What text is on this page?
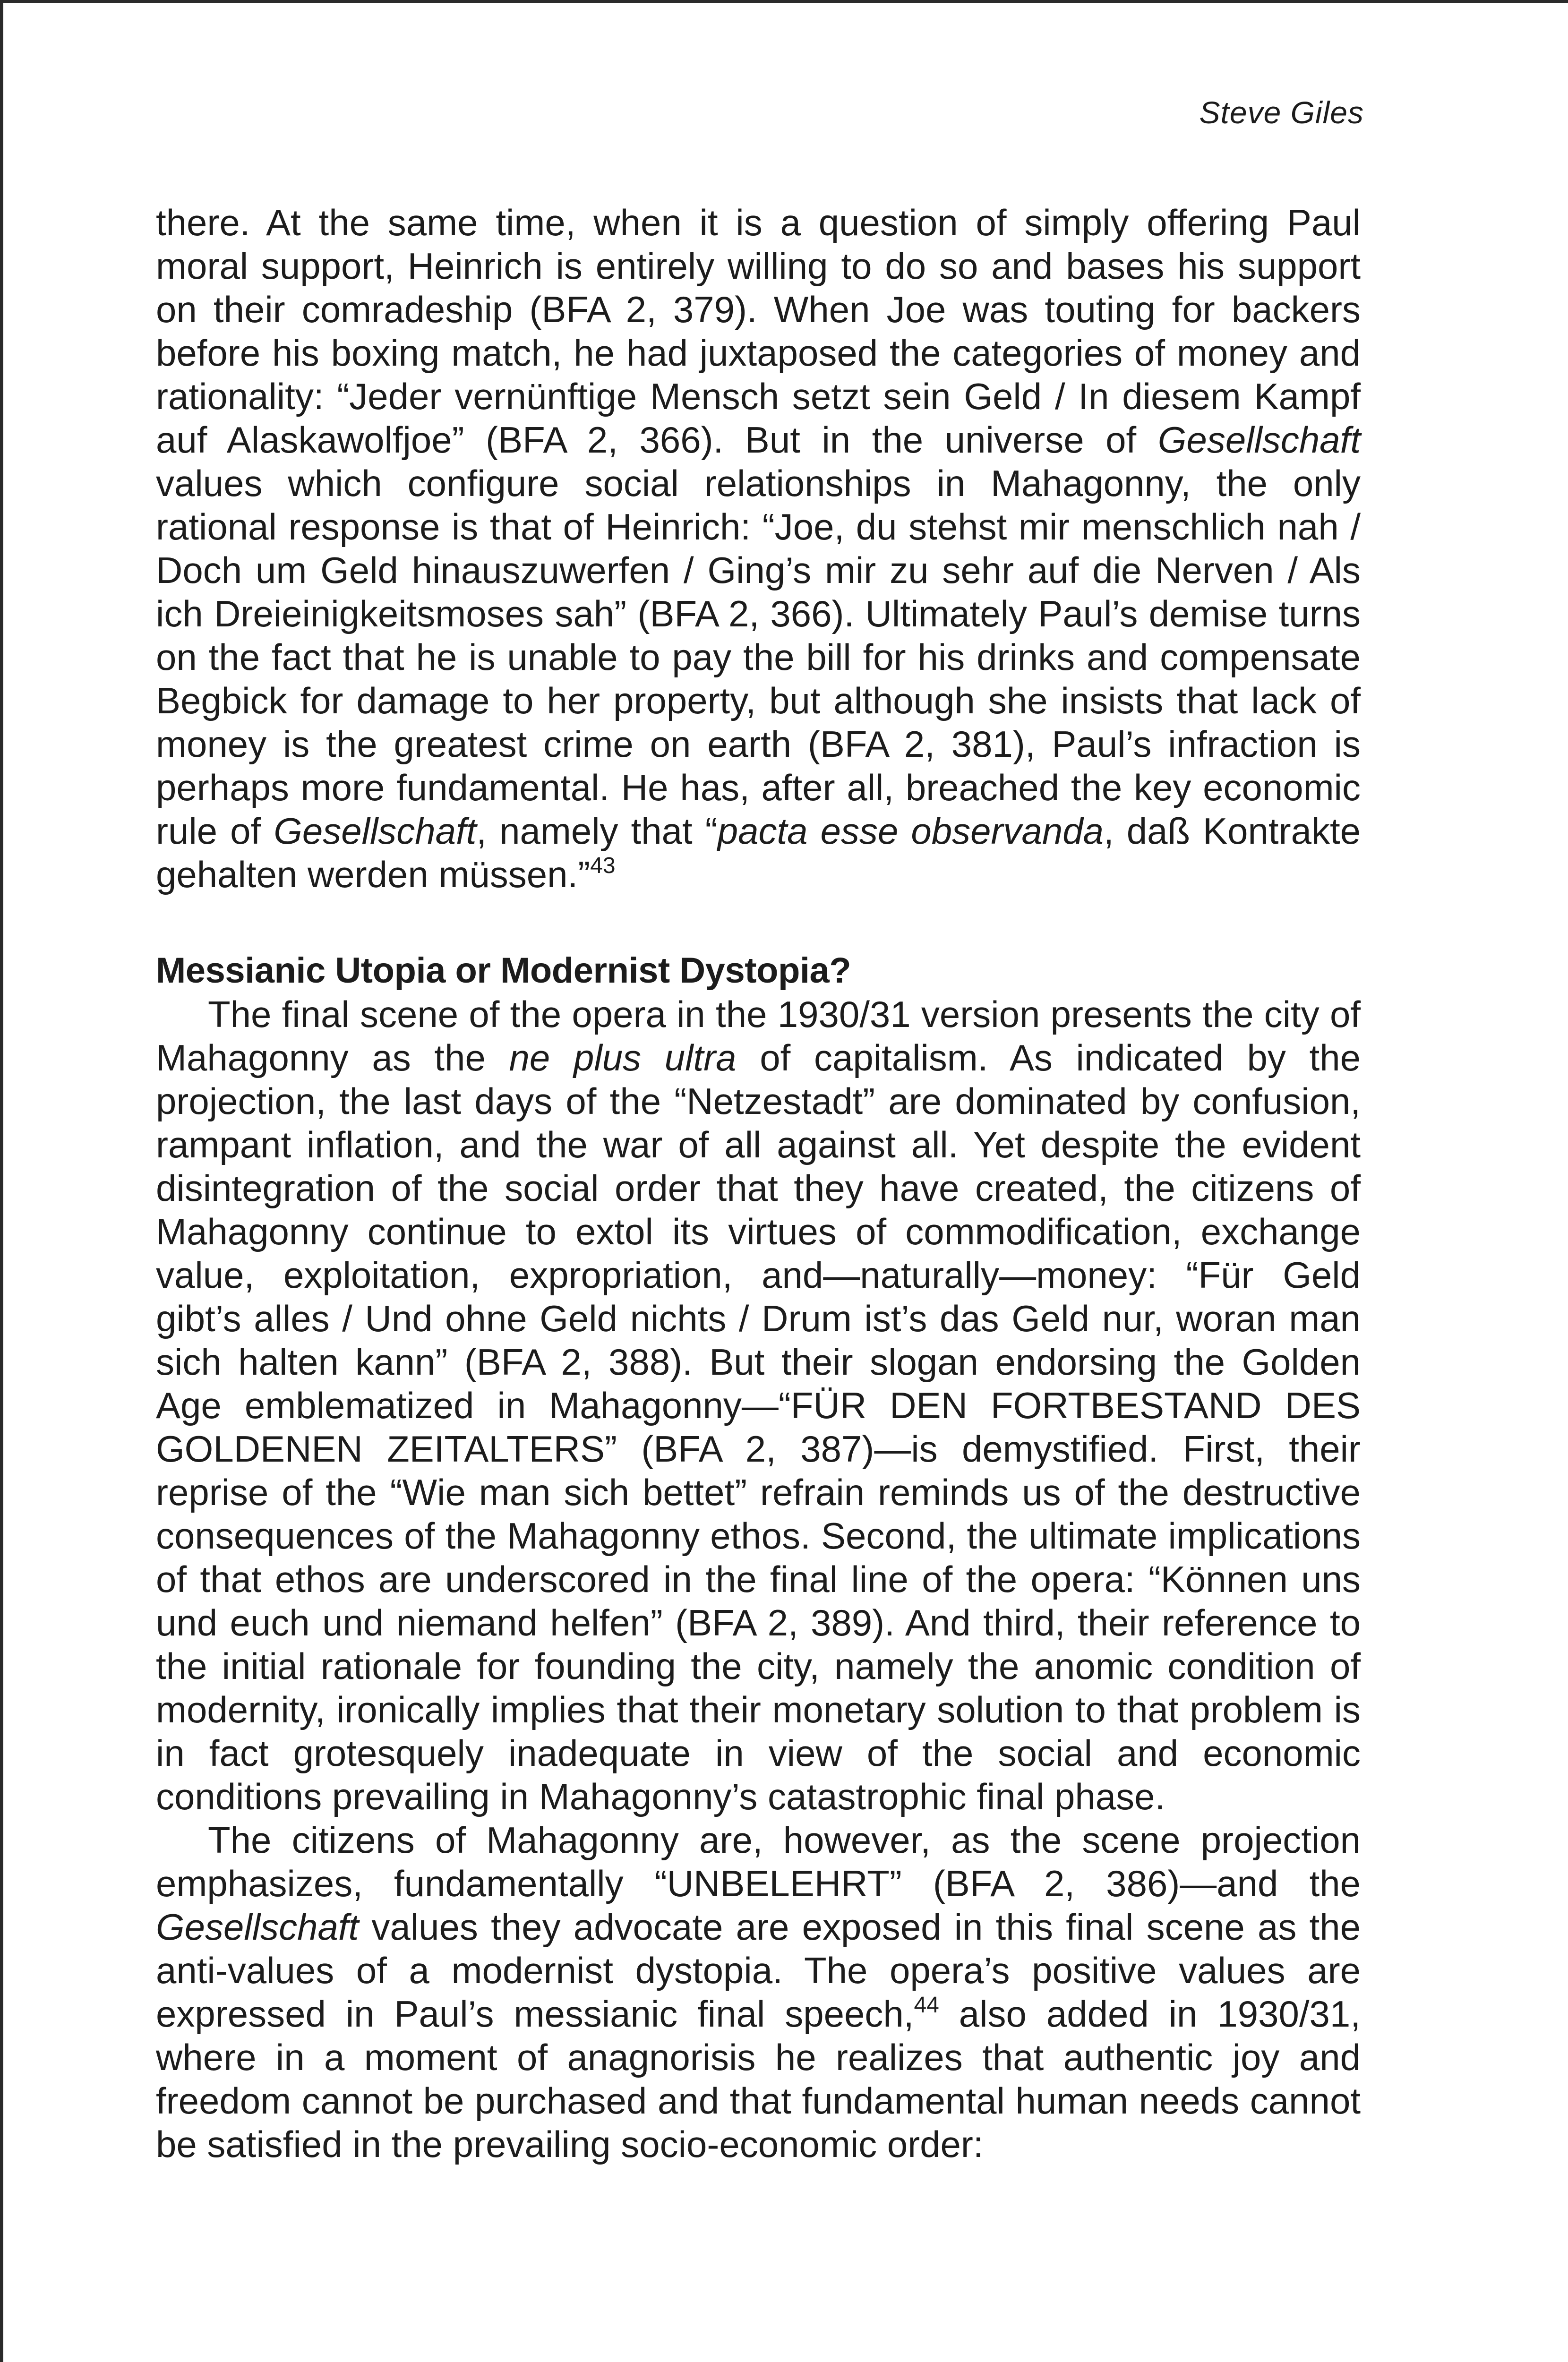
Steve Giles

there. At the same time, when it is a question of simply offering Paul moral support, Heinrich is entirely willing to do so and bases his support on their comradeship (BFA 2, 379). When Joe was touting for backers before his boxing match, he had juxtaposed the categories of money and rationality: “Jeder vernünftige Mensch setzt sein Geld / In diesem Kampf auf Alaskawolfjoe” (BFA 2, 366). But in the universe of Gesellschaft values which configure social relationships in Mahagonny, the only rational response is that of Heinrich: “Joe, du stehst mir menschlich nah / Doch um Geld hinauszuwerfen / Ging’s mir zu sehr auf die Nerven / Als ich Dreieinigkeitsmoses sah” (BFA 2, 366). Ultimately Paul’s demise turns on the fact that he is unable to pay the bill for his drinks and compensate Begbick for damage to her property, but although she insists that lack of money is the greatest crime on earth (BFA 2, 381), Paul’s infraction is perhaps more fundamental. He has, after all, breached the key economic rule of Gesellschaft, namely that “pacta esse observanda, daß Kontrakte gehalten werden müssen.”$^{43}$

Messianic Utopia or Modernist Dystopia?

The final scene of the opera in the 1930/31 version presents the city of Mahagonny as the ne plus ultra of capitalism. As indicated by the projection, the last days of the “Netzestadt” are dominated by confusion, rampant inflation, and the war of all against all. Yet despite the evident disintegration of the social order that they have created, the citizens of Mahagonny continue to extol its virtues of commodification, exchange value, exploitation, expropriation, and—naturally—money: “Für Geld gibt’s alles / Und ohne Geld nichts / Drum ist’s das Geld nur, woran man sich halten kann” (BFA 2, 388). But their slogan endorsing the Golden Age emblematized in Mahagonny—“FÜR DEN FORTBESTAND DES GOLDENEN ZEITALTERS” (BFA 2, 387)—is demystified. First, their reprise of the “Wie man sich bettet” refrain reminds us of the destructive consequences of the Mahagonny ethos. Second, the ultimate implications of that ethos are underscored in the final line of the opera: “Können uns und euch und niemand helfen” (BFA 2, 389). And third, their reference to the initial rationale for founding the city, namely the anomic condition of modernity, ironically implies that their monetary solution to that problem is in fact grotesquely inadequate in view of the social and economic conditions prevailing in Mahagonny’s catastrophic final phase.

The citizens of Mahagonny are, however, as the scene projection emphasizes, fundamentally “UNBELEHRT” (BFA 2, 386)—and the Gesellschaft values they advocate are exposed in this final scene as the anti-values of a modernist dystopia. The opera’s positive values are expressed in Paul’s messianic final speech,$^{44}$ also added in 1930/31, where in a moment of anagnorisis he realizes that authentic joy and freedom cannot be purchased and that fundamental human needs cannot be satisfied in the prevailing socio-economic order:
